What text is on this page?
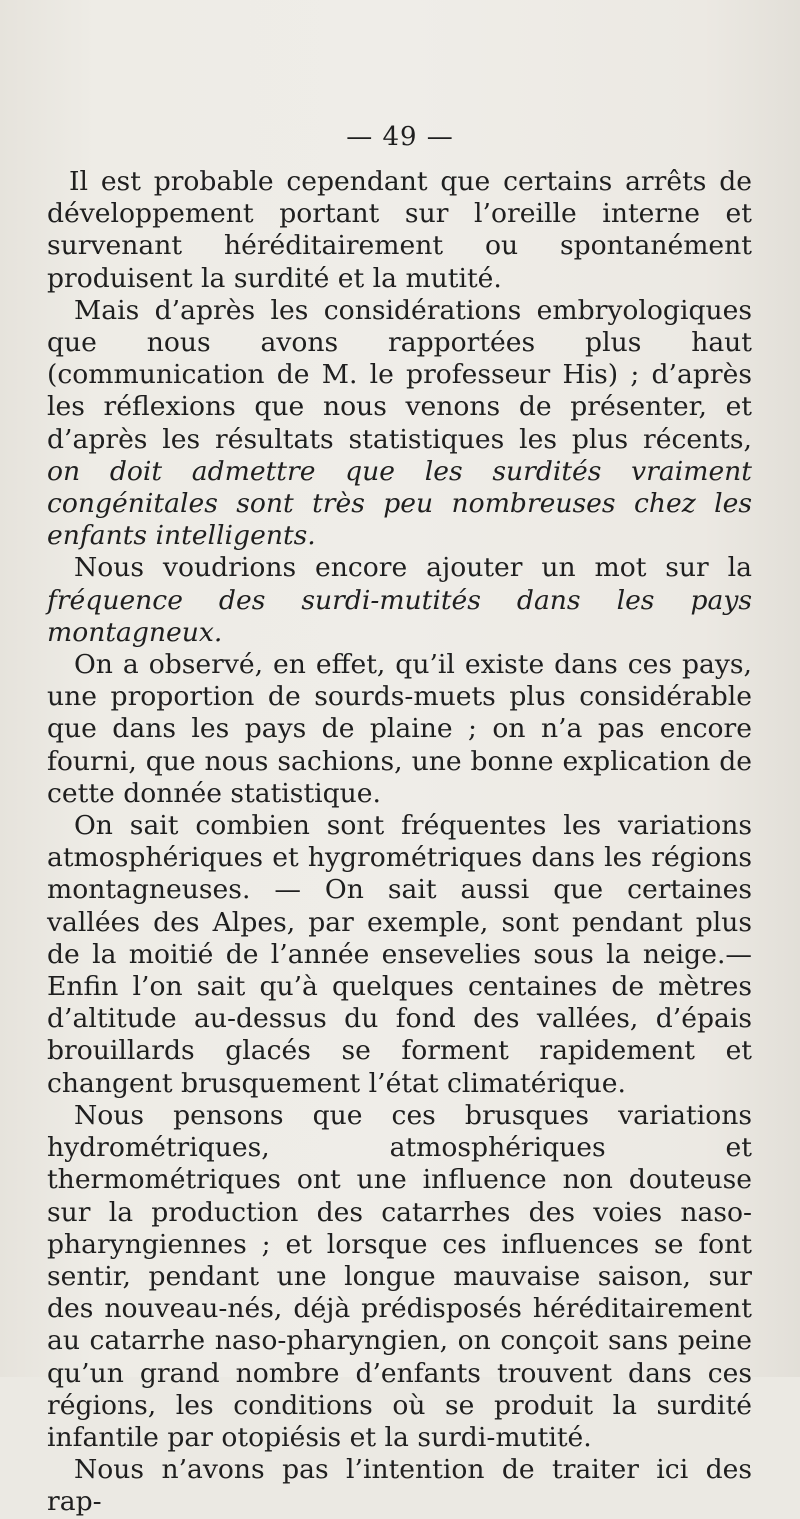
— 49 —

Il est probable cependant que certains arrêts de développement portant sur l’oreille interne et survenant héréditairement ou spontanément produisent la surdité et la mutité.

Mais d’après les considérations embryologiques que nous avons rapportées plus haut (communication de M. le professeur His) ; d’après les réflexions que nous venons de présenter, et d’après les résultats statistiques les plus récents, on doit admettre que les surdités vraiment congénitales sont très peu nombreuses chez les enfants intelligents.

Nous voudrions encore ajouter un mot sur la fréquence des surdi-mutités dans les pays montagneux.

On a observé, en effet, qu’il existe dans ces pays, une proportion de sourds-muets plus considérable que dans les pays de plaine ; on n’a pas encore fourni, que nous sachions, une bonne explication de cette donnée statistique.

On sait combien sont fréquentes les variations atmosphériques et hygrométriques dans les régions montagneuses. — On sait aussi que certaines vallées des Alpes, par exemple, sont pendant plus de la moitié de l’année ensevelies sous la neige.— Enfin l’on sait qu’à quelques centaines de mètres d’altitude au-dessus du fond des vallées, d’épais brouillards glacés se forment rapidement et changent brusquement l’état climatérique.

Nous pensons que ces brusques variations hydrométriques, atmosphériques et thermométriques ont une influence non douteuse sur la production des catarrhes des voies naso-pharyngiennes ; et lorsque ces influences se font sentir, pendant une longue mauvaise saison, sur des nouveau-nés, déjà prédisposés héréditairement au catarrhe naso-pharyngien, on conçoit sans peine qu’un grand nombre d’enfants trouvent dans ces régions, les conditions où se produit la surdité infantile par otopiésis et la surdi-mutité.

Nous n’avons pas l’intention de traiter ici des rap-
